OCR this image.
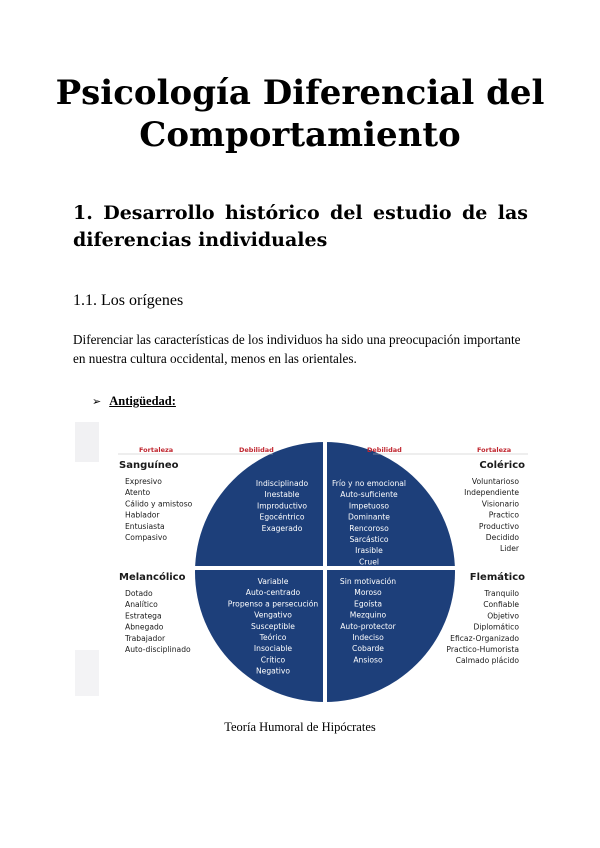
Psicología Diferencial del
Comportamiento
1. Desarrollo histórico del estudio de las diferencias individuales
1.1. Los orígenes
Diferenciar las características de los individuos ha sido una preocupación importante en nuestra cultura occidental, menos en las orientales.
➢ Antigüedad:
Fortaleza	Debilidad	Debilidad	Fortaleza
Sanguíneo	Colérico
Melancólico	Flemático
Expresivo
Atento
Cálido y amistoso
Hablador
Entusiasta
Compasivo
Indisciplinado
Inestable
Improductivo
Egocéntrico
Exagerado
Frío y no emocional
Auto-suficiente
Impetuoso
Dominante
Rencoroso
Sarcástico
Irasible
Cruel
Voluntarioso
Independiente
Visionario
Practico
Productivo
Decidido
Lider
Dotado
Analítico
Estratega
Abnegado
Trabajador
Auto-disciplinado
Variable
Auto-centrado
Propenso a persecución
Vengativo
Susceptible
Teórico
Insociable
Crítico
Negativo
Sin motivación
Moroso
Egoísta
Mezquino
Auto-protector
Indeciso
Cobarde
Ansioso
Tranquilo
Confiable
Objetivo
Diplomático
Eficaz-Organizado
Practico-Humorista
Calmado plácido
Teoría Humoral de Hipócrates
